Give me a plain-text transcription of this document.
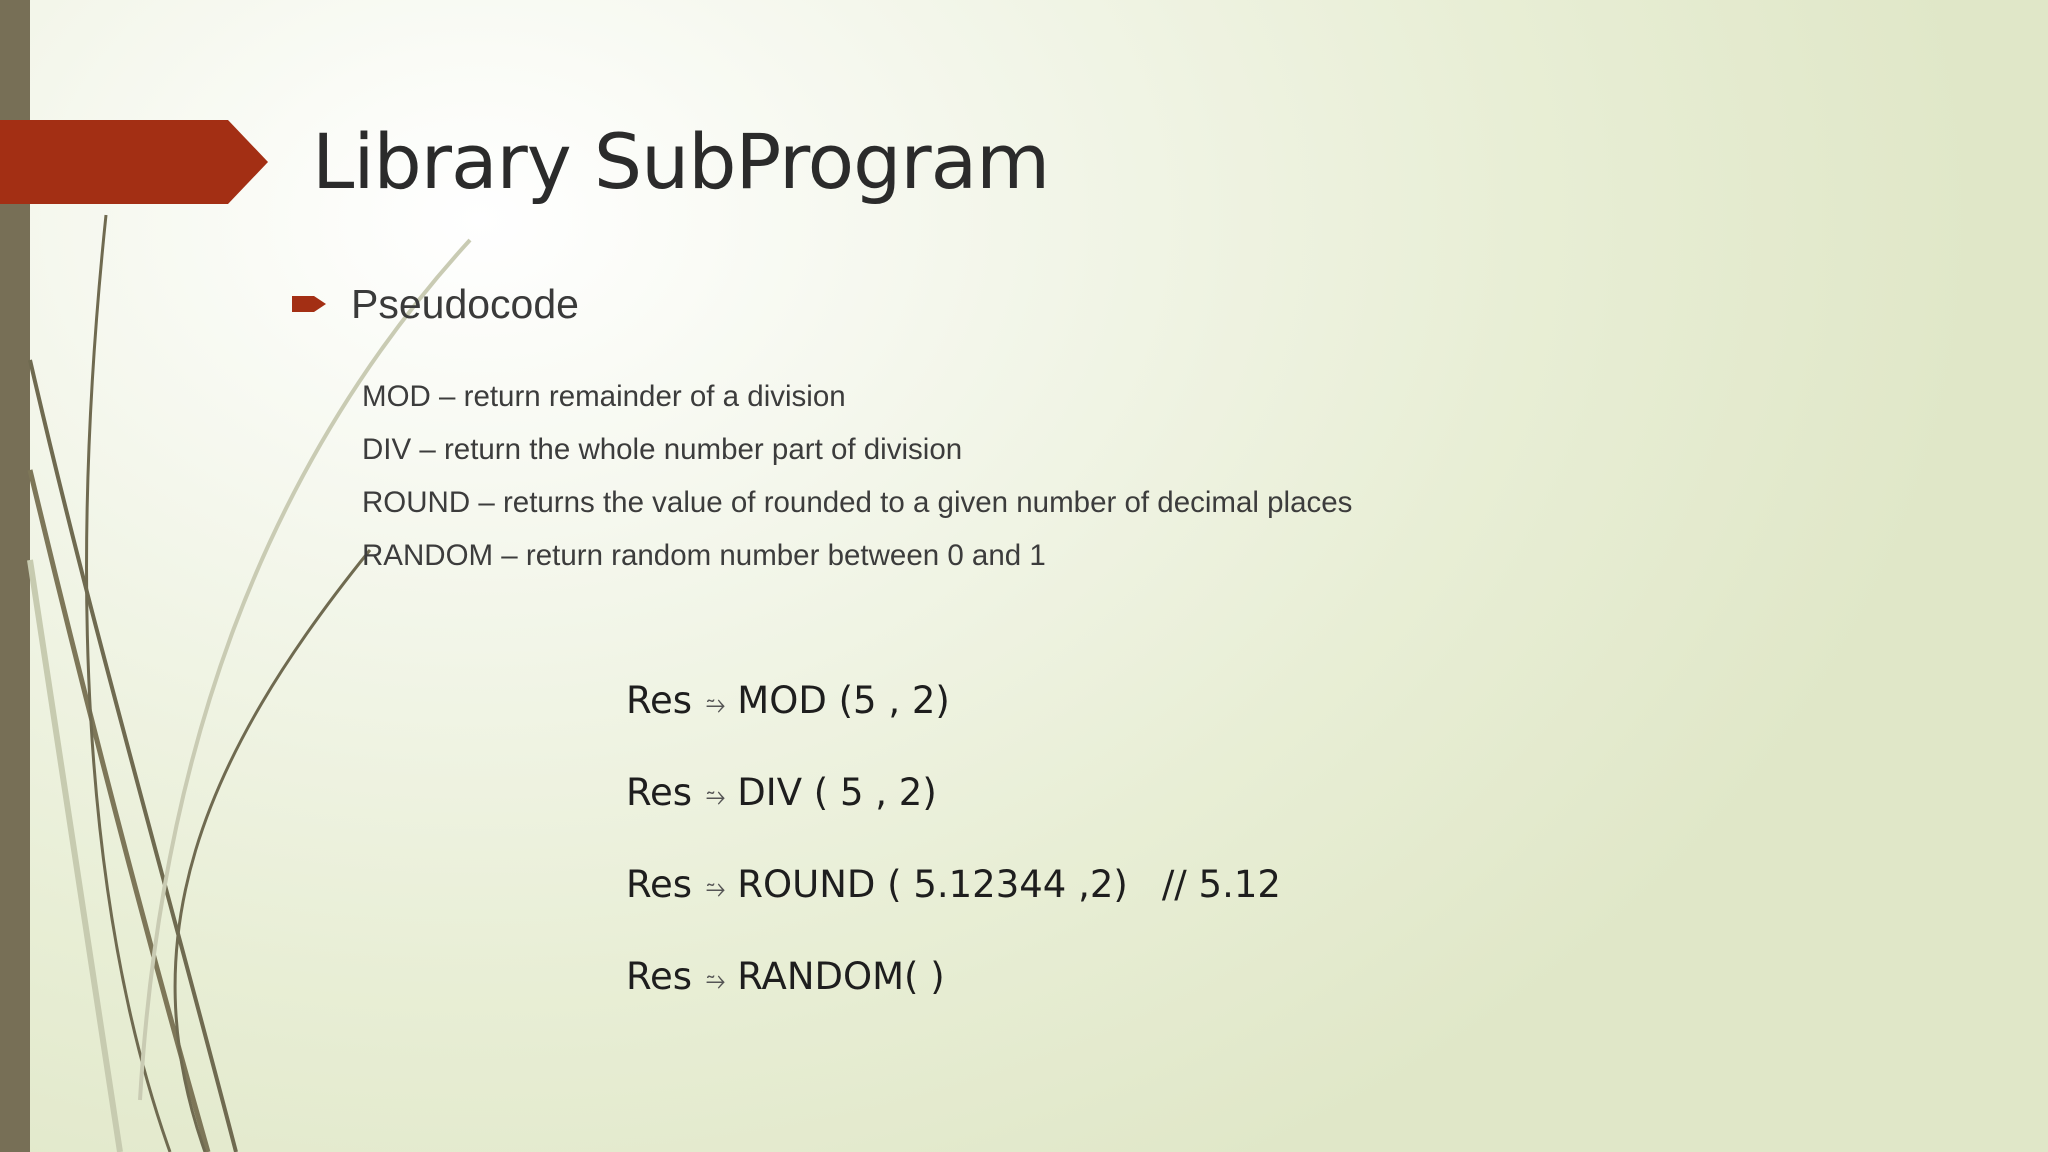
Library SubProgram
Pseudocode
MOD – return remainder of a division
DIV – return the whole number part of division
ROUND – returns the value of rounded to a given number of decimal places
RANDOM – return random number between 0 and 1
Res ⥲ MOD (5 , 2)
Res ⥲ DIV ( 5 , 2)
Res ⥲ ROUND ( 5.12344 ,2) // 5.12
Res ⥲ RANDOM( )
